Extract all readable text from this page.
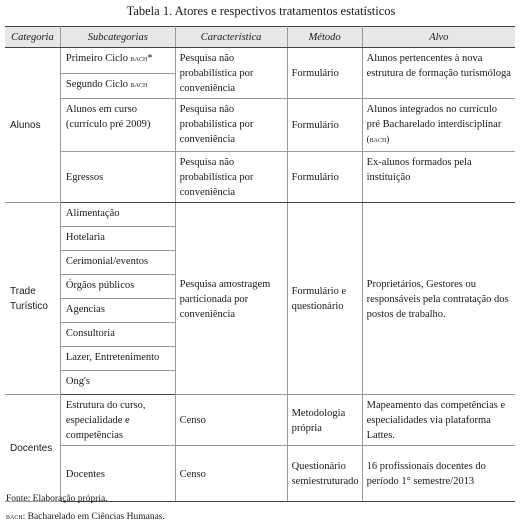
Tabela 1. Atores e respectivos tratamentos estatísticos
Categoria	Subcategorias	Característica	Método	Alvo
Alunos	Primeiro Ciclo bach*	Pesquisa não probabilística por conveniência	Formulário	Alunos pertencentes à nova estrutura de formação turismóloga
	Segundo Ciclo bach			
	Alunos em curso (currículo pré 2009)	Pesquisa não probabilística por conveniência	Formulário	Alunos integrados no currículo pré Bacharelado interdisciplinar (bach)
	Egressos	Pesquisa não probabilística por conveniência	Formulário	Ex-alunos formados pela instituição
Trade Turístico	Alimentação	Pesquisa amostragem particionada por conveniência	Formulário e questionário	Proprietários, Gestores ou responsáveis pela contratação dos postos de trabalho.
	Hotelaria			
	Cerimonial/eventos			
	Órgãos públicos			
	Agencias			
	Consultoria			
	Lazer, Entretenimento			
	Ong's			
Docentes	Estrutura do curso, especialidade e competências	Censo	Metodologia própria	Mapeamento das competências e especialidades via plataforma Lattes.
	Docentes	Censo	Questionário semiestruturado	16 profissionais docentes do período 1° semestre/2013
Fonte: Elaboração própria.
bach: Bacharelado em Ciências Humanas.
